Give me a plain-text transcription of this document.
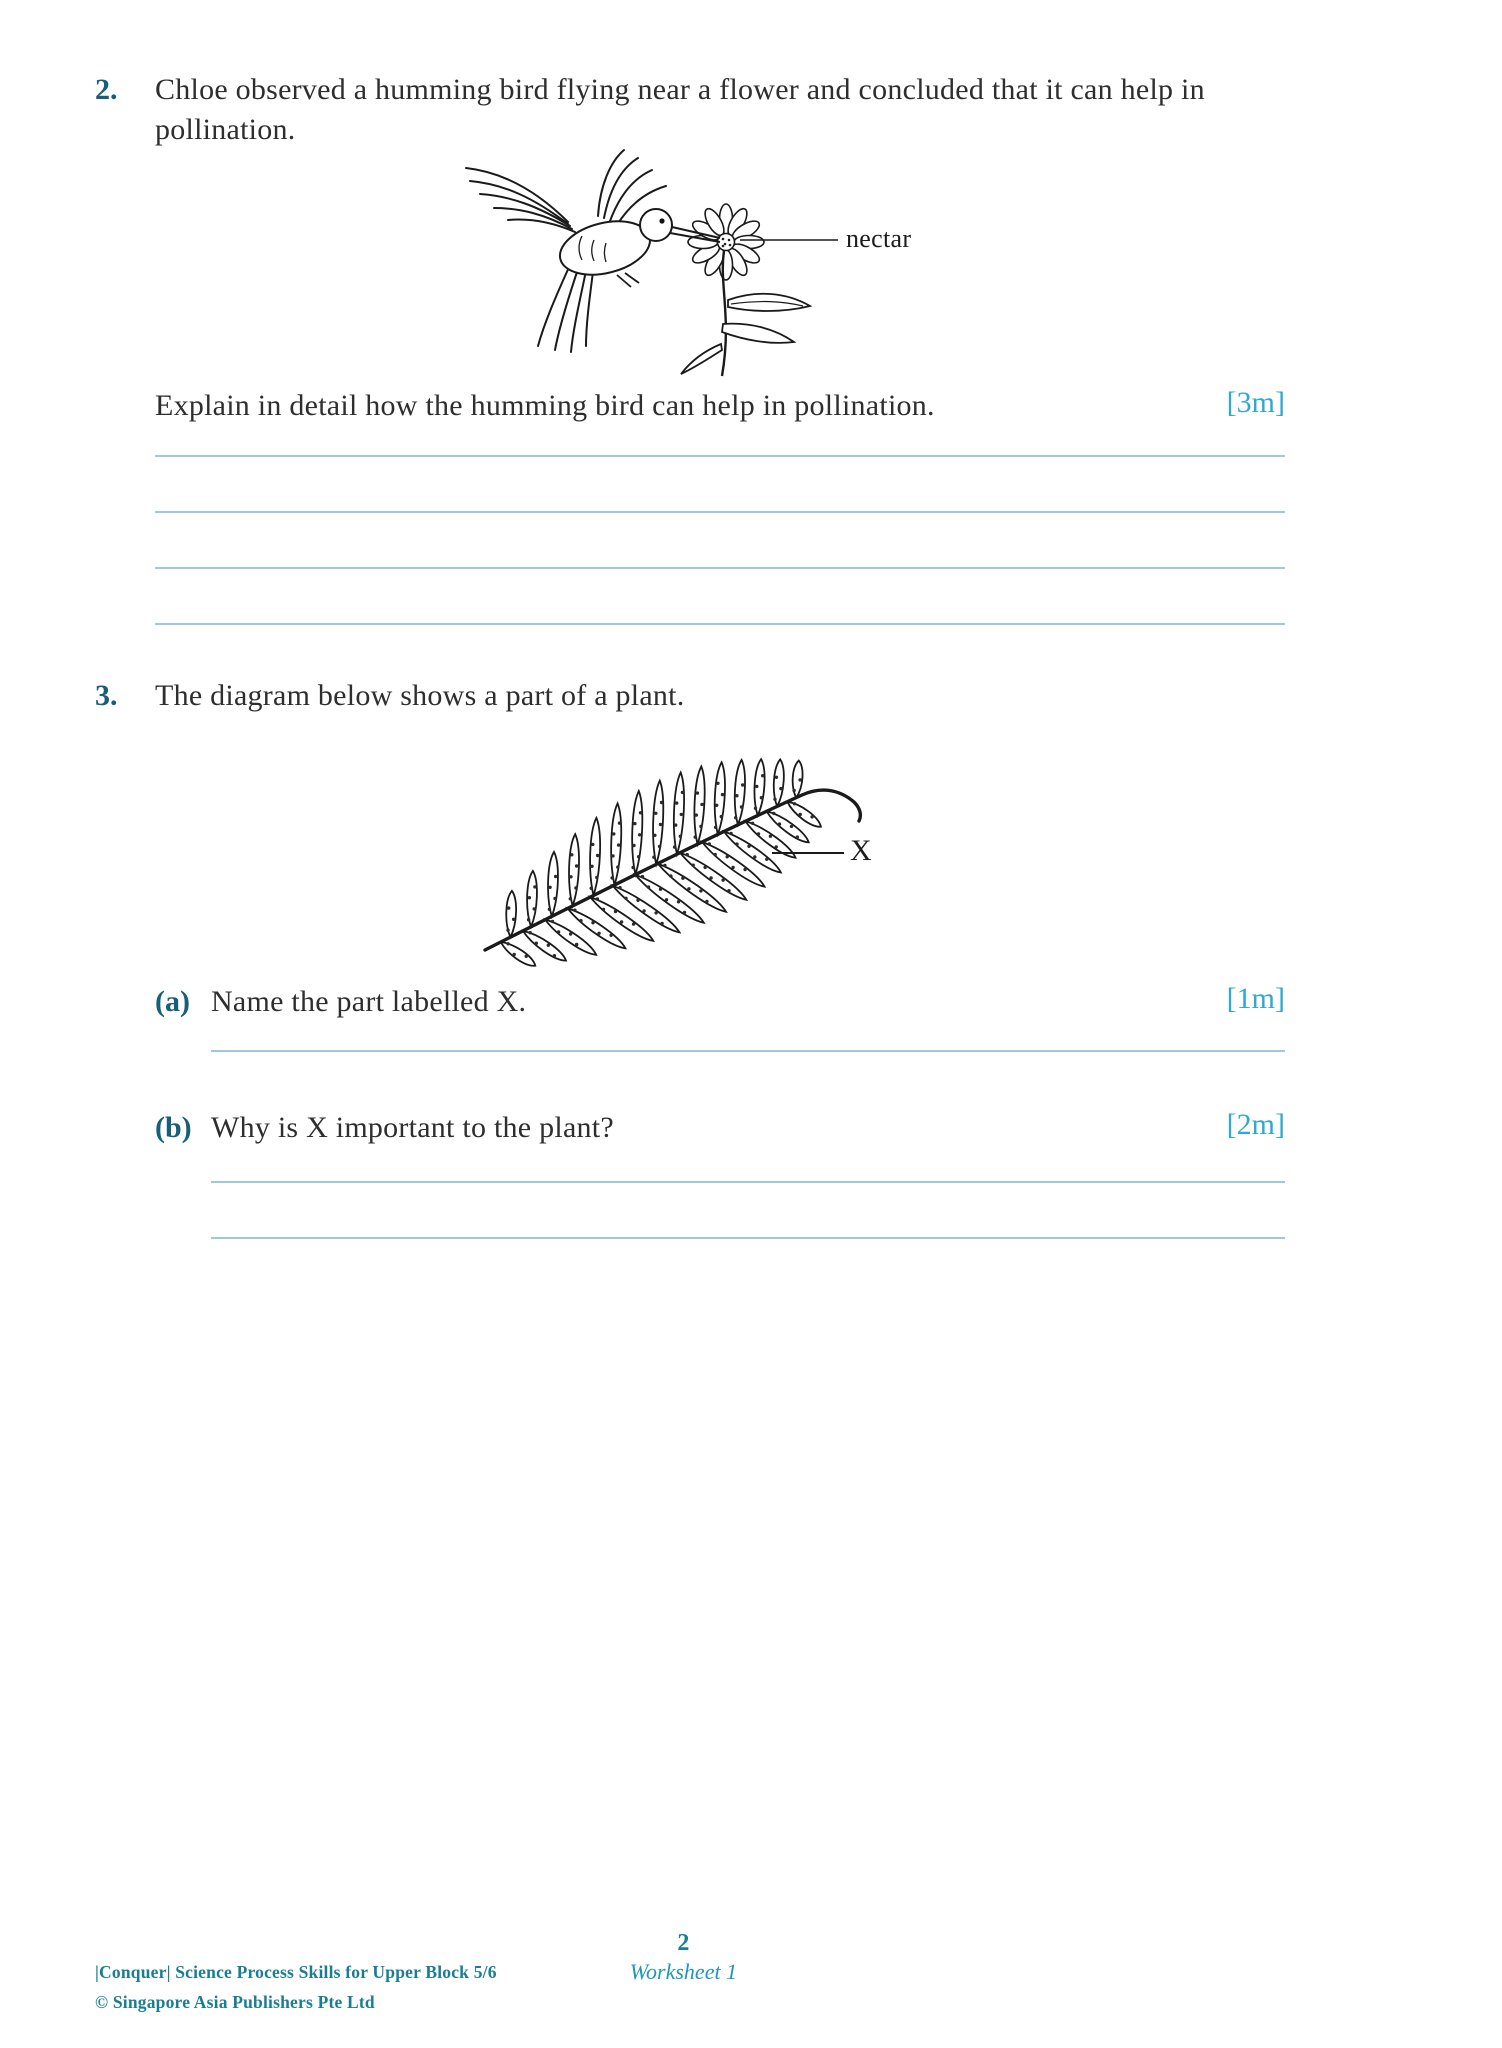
2.	Chloe observed a humming bird flying near a flower and concluded that it can help in pollination.
nectar
Explain in detail how the humming bird can help in pollination.	[3m]
3.	The diagram below shows a part of a plant.
X
(a) Name the part labelled X.	[1m]
(b) Why is X important to the plant?	[2m]
2
Worksheet 1
|Conquer| Science Process Skills for Upper Block 5/6
© Singapore Asia Publishers Pte Ltd
